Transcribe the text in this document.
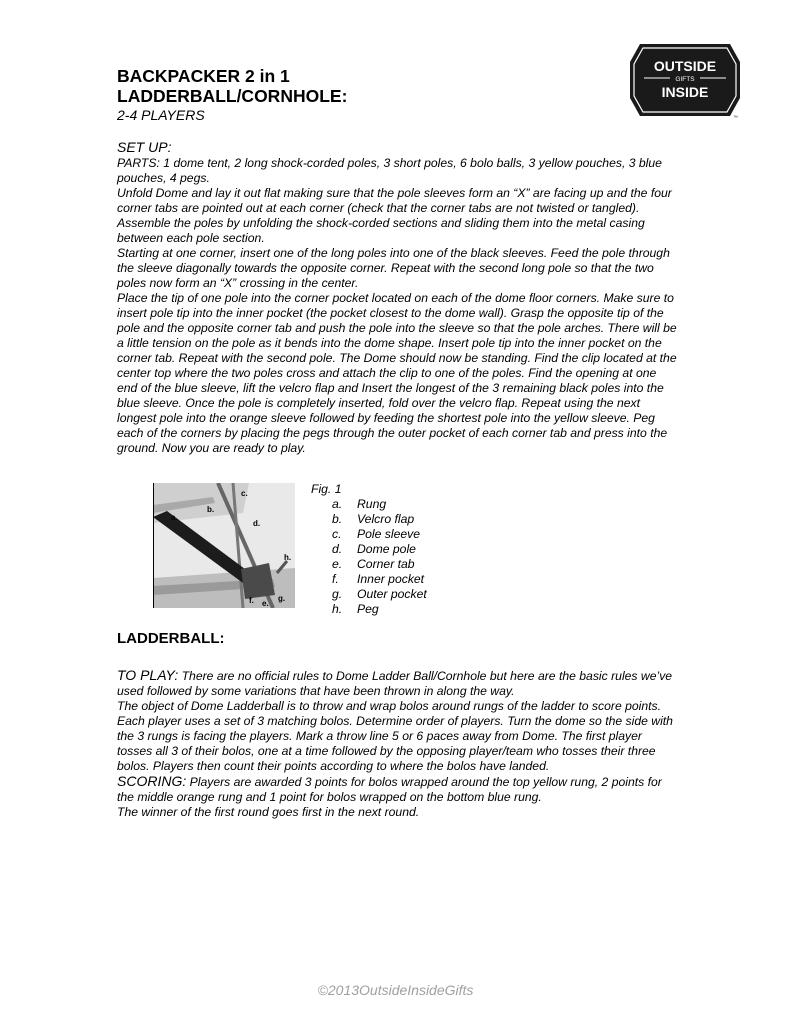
OUTSIDE
GIFTS
INSIDE
™
BACKPACKER 2 in 1
LADDERBALL/CORNHOLE:
2-4 PLAYERS
SET UP:

PARTS: 1 dome tent, 2 long shock-corded poles, 3 short poles, 6 bolo balls, 3 yellow pouches, 3 blue pouches, 4 pegs.

Unfold Dome and lay it out flat making sure that the pole sleeves form an “X” are facing up and the four corner tabs are pointed out at each corner (check that the corner tabs are not twisted or tangled). Assemble the poles by unfolding the shock-corded sections and sliding them into the metal casing between each pole section.

Starting at one corner, insert one of the long poles into one of the black sleeves. Feed the pole through the sleeve diagonally towards the opposite corner. Repeat with the second long pole so that the two poles now form an “X” crossing in the center.

Place the tip of one pole into the corner pocket located on each of the dome floor corners. Make sure to insert pole tip into the inner pocket (the pocket closest to the dome wall). Grasp the opposite tip of the pole and the opposite corner tab and push the pole into the sleeve so that the pole arches. There will be a little tension on the pole as it bends into the dome shape. Insert pole tip into the inner pocket on the corner tab. Repeat with the second pole. The Dome should now be standing. Find the clip located at the center top where the two poles cross and attach the clip to one of the poles. Find the opening at one end of the blue sleeve, lift the velcro flap and Insert the longest of the 3 remaining black poles into the blue sleeve. Once the pole is completely inserted, fold over the velcro flap. Repeat using the next longest pole into the orange sleeve followed by feeding the shortest pole into the yellow sleeve. Peg each of the corners by placing the pegs through the outer pocket of each corner tab and press into the ground. Now you are ready to play.

c.
b.
a.
d.
h.
f. e.
g.
Fig. 1
a.	Rung
b.	Velcro flap
c.	Pole sleeve
d.	Dome pole
e.	Corner tab
f.	Inner pocket
g.	Outer pocket
h.	Peg
LADDERBALL:

TO PLAY: There are no official rules to Dome Ladder Ball/Cornhole but here are the basic rules we’ve used followed by some variations that have been thrown in along the way.

The object of Dome Ladderball is to throw and wrap bolos around rungs of the ladder to score points. Each player uses a set of 3 matching bolos. Determine order of players. Turn the dome so the side with the 3 rungs is facing the players. Mark a throw line 5 or 6 paces away from Dome. The first player tosses all 3 of their bolos, one at a time followed by the opposing player/team who tosses their three bolos. Players then count their points according to where the bolos have landed.

SCORING: Players are awarded 3 points for bolos wrapped around the top yellow rung, 2 points for the middle orange rung and 1 point for bolos wrapped on the bottom blue rung.

The winner of the first round goes first in the next round.

©2013OutsideInsideGifts
